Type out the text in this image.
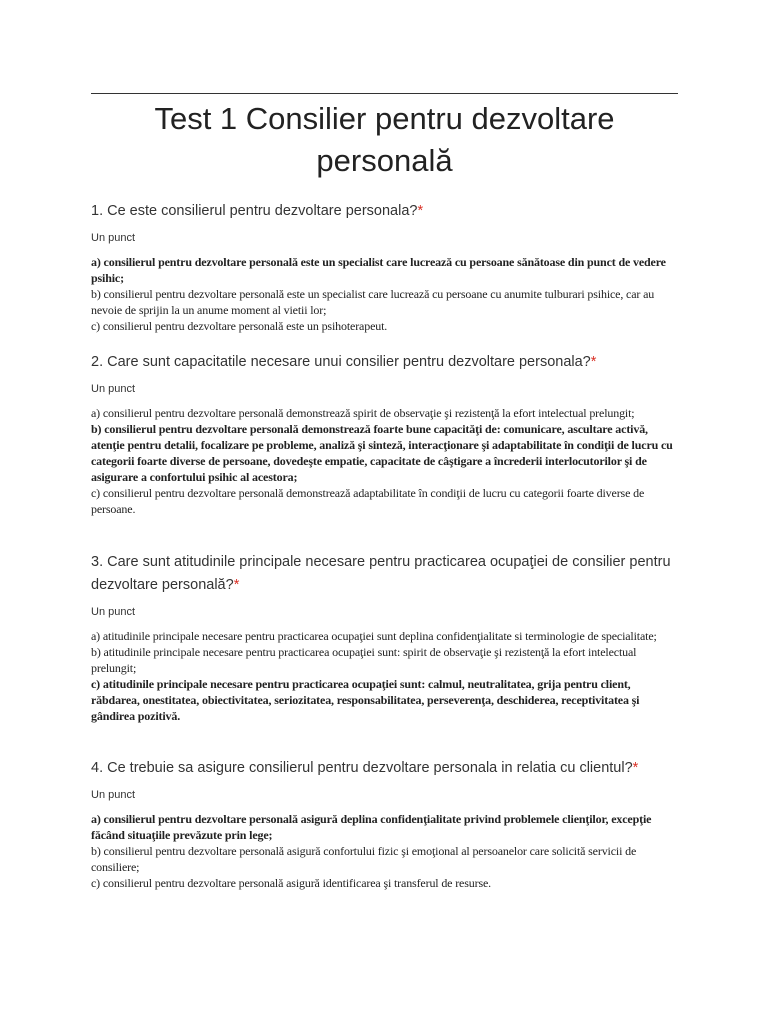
Test 1 Consilier pentru dezvoltare personală

1. Ce este consilierul pentru dezvoltare personala?*

Un punct

a) consilierul pentru dezvoltare personală este un specialist care lucrează cu persoane sănătoase din punct de vedere psihic;
b) consilierul pentru dezvoltare personală este un specialist care lucrează cu persoane cu anumite tulburari psihice, car au nevoie de sprijin la un anume moment al vietii lor;
c) consilierul pentru dezvoltare personală este un psihoterapeut.

2. Care sunt capacitatile necesare unui consilier pentru dezvoltare personala?*

Un punct

a) consilierul pentru dezvoltare personală demonstrează spirit de observaţie şi rezistenţă la efort intelectual prelungit;
b) consilierul pentru dezvoltare personală demonstrează foarte bune capacităţi de: comunicare, ascultare activă, atenţie pentru detalii, focalizare pe probleme, analiză şi sinteză, interacţionare şi adaptabilitate în condiţii de lucru cu categorii foarte diverse de persoane, dovedeşte empatie, capacitate de câştigare a încrederii interlocutorilor şi de asigurare a confortului psihic al acestora;
c) consilierul pentru dezvoltare personală demonstrează adaptabilitate în condiţii de lucru cu categorii foarte diverse de persoane.

3. Care sunt atitudinile principale necesare pentru practicarea ocupaţiei de consilier pentru dezvoltare personală?*

Un punct

a) atitudinile principale necesare pentru practicarea ocupaţiei sunt deplina confidenţialitate si terminologie de specialitate;
b) atitudinile principale necesare pentru practicarea ocupaţiei sunt: spirit de observaţie şi rezistenţă la efort intelectual prelungit;
c) atitudinile principale necesare pentru practicarea ocupaţiei sunt: calmul, neutralitatea, grija pentru client, răbdarea, onestitatea, obiectivitatea, seriozitatea, responsabilitatea, perseverenţa, deschiderea, receptivitatea şi gândirea pozitivă.

4. Ce trebuie sa asigure consilierul pentru dezvoltare personala in relatia cu clientul?*

Un punct

a) consilierul pentru dezvoltare personală asigură deplina confidenţialitate privind problemele clienţilor, excepţie făcând situaţiile prevăzute prin lege;
b) consilierul pentru dezvoltare personală asigură confortului fizic şi emoţional al persoanelor care solicită servicii de consiliere;
c) consilierul pentru dezvoltare personală asigură identificarea şi transferul de resurse.
